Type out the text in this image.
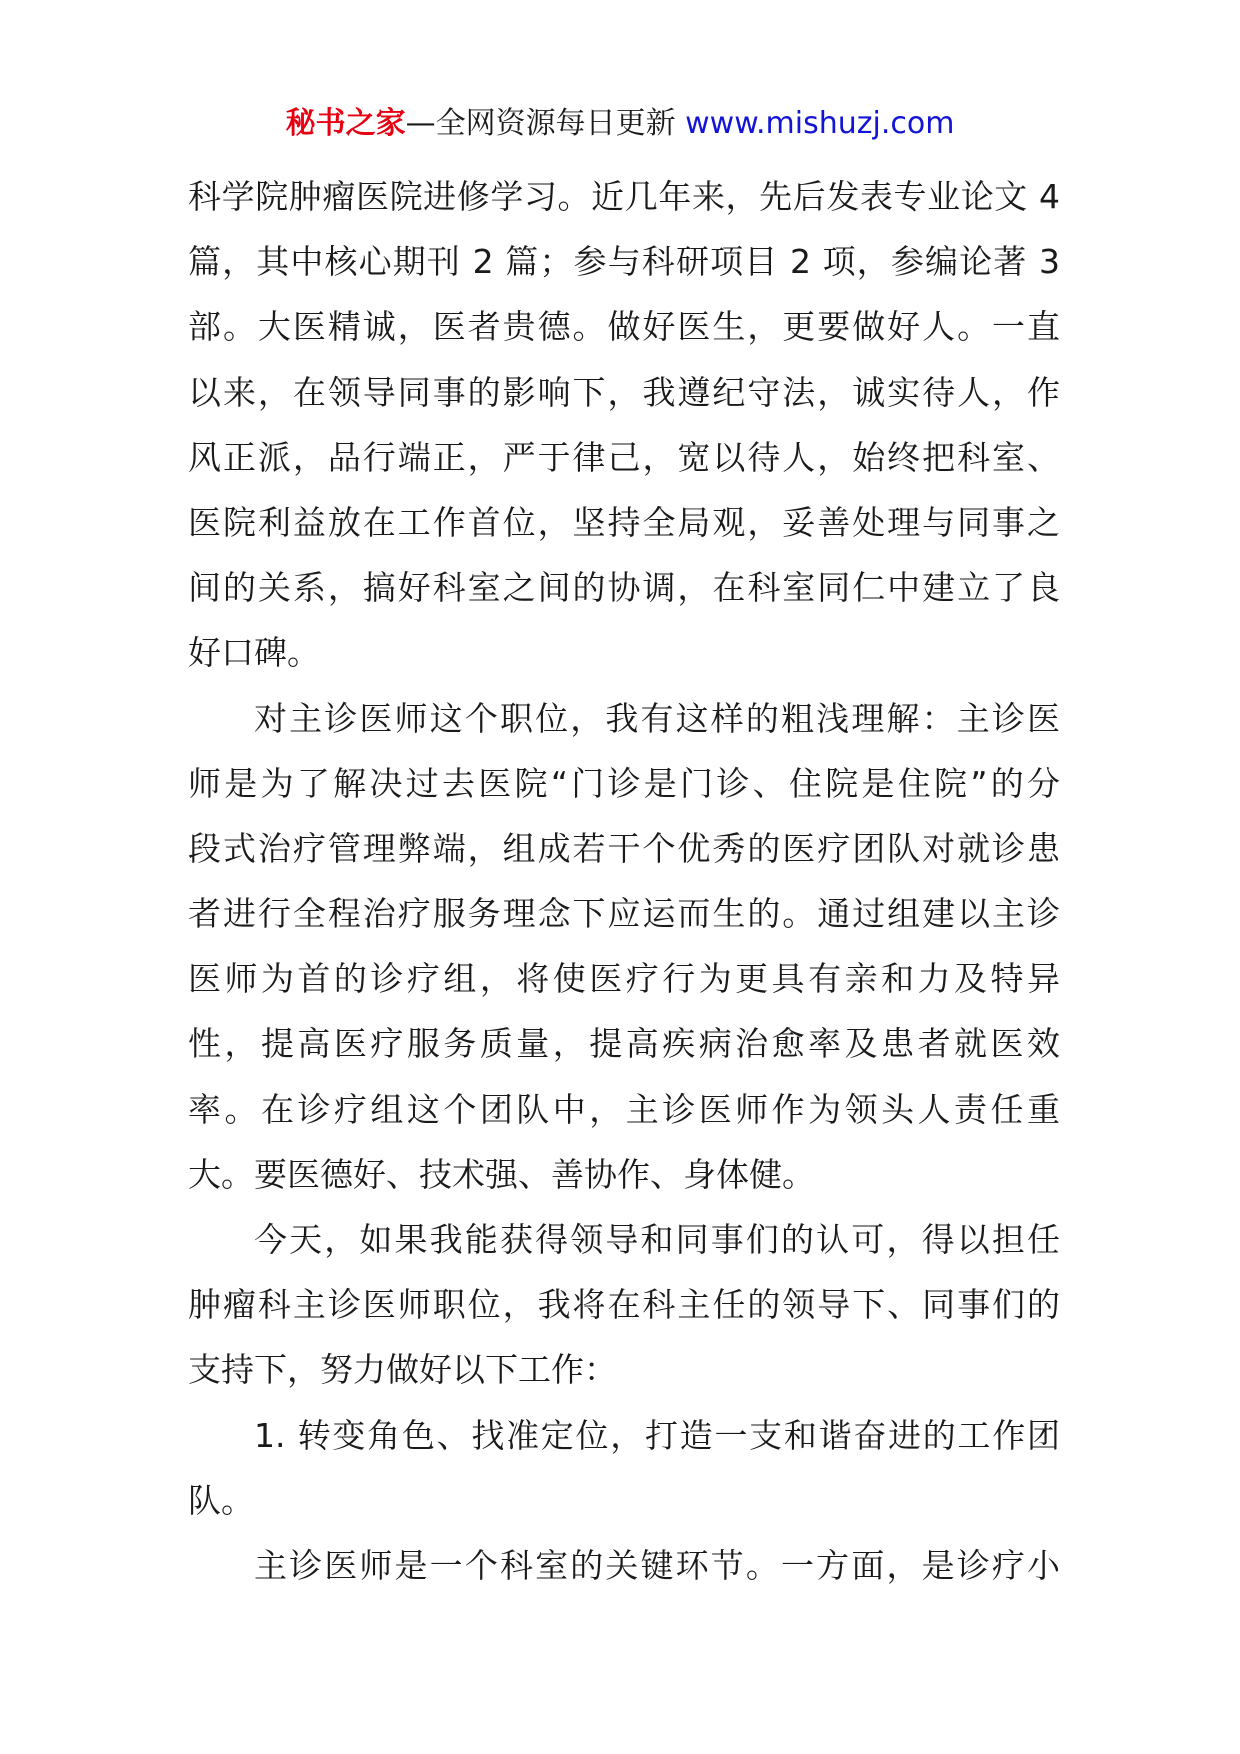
秘书之家—全网资源每日更新 www.mishuzj.com
科学院肿瘤医院进修学习。近几年来，先后发表专业论文 4
篇，其中核心期刊 2 篇；参与科研项目 2 项，参编论著 3
部。大医精诚，医者贵德。做好医生，更要做好人。一直
以来，在领导同事的影响下，我遵纪守法，诚实待人，作
风正派，品行端正，严于律己，宽以待人，始终把科室、
医院利益放在工作首位，坚持全局观，妥善处理与同事之
间的关系，搞好科室之间的协调，在科室同仁中建立了良
好口碑。
对主诊医师这个职位，我有这样的粗浅理解：主诊医
师是为了解决过去医院“门诊是门诊、住院是住院”的分
段式治疗管理弊端，组成若干个优秀的医疗团队对就诊患
者进行全程治疗服务理念下应运而生的。通过组建以主诊
医师为首的诊疗组，将使医疗行为更具有亲和力及特异
性，提高医疗服务质量，提高疾病治愈率及患者就医效
率。在诊疗组这个团队中，主诊医师作为领头人责任重
大。要医德好、技术强、善协作、身体健。
今天，如果我能获得领导和同事们的认可，得以担任
肿瘤科主诊医师职位，我将在科主任的领导下、同事们的
支持下，努力做好以下工作：
1. 转变角色、找准定位，打造一支和谐奋进的工作团
队。
主诊医师是一个科室的关键环节。一方面，是诊疗小
